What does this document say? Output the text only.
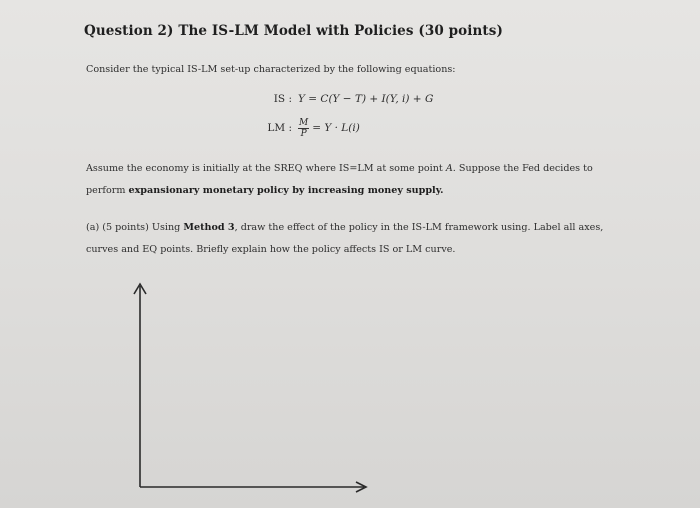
Question 2) The IS-LM Model with Policies (30 points)
Consider the typical IS-LM set-up characterized by the following equations:
IS : Y = C(Y − T) + I(Y, i) + G
LM : $\frac{M}{P} = Y \cdot L(i)$
Assume the economy is initially at the SREQ where IS=LM at some point A. Suppose the Fed decides to perform expansionary monetary policy by increasing money supply.
(a) (5 points) Using Method 3, draw the effect of the policy in the IS-LM framework using. Label all axes, curves and EQ points. Briefly explain how the policy affects IS or LM curve.
